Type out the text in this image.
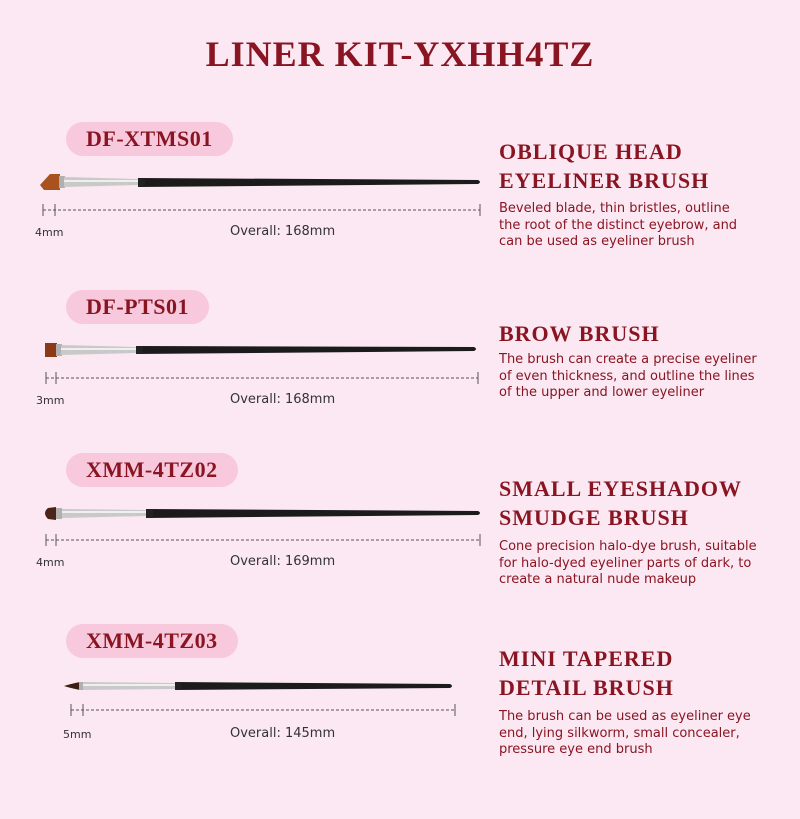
LINER KIT-YXHH4TZ
DF-XTMS01
4mm	Overall: 168mm
OBLIQUE HEAD
EYELINER BRUSH

Beveled blade, thin bristles, outline
the root of the distinct eyebrow, and
can be used as eyeliner brush

DF-PTS01
3mm	Overall: 168mm
BROW BRUSH

The brush can create a precise eyeliner
of even thickness, and outline the lines
of the upper and lower eyeliner

XMM-4TZ02
4mm	Overall: 169mm
SMALL EYESHADOW
SMUDGE BRUSH

Cone precision halo-dye brush, suitable
for halo-dyed eyeliner parts of dark, to
create a natural nude makeup

XMM-4TZ03
5mm	Overall: 145mm
MINI TAPERED
DETAIL BRUSH

The brush can be used as eyeliner eye
end, lying silkworm, small concealer,
pressure eye end brush
